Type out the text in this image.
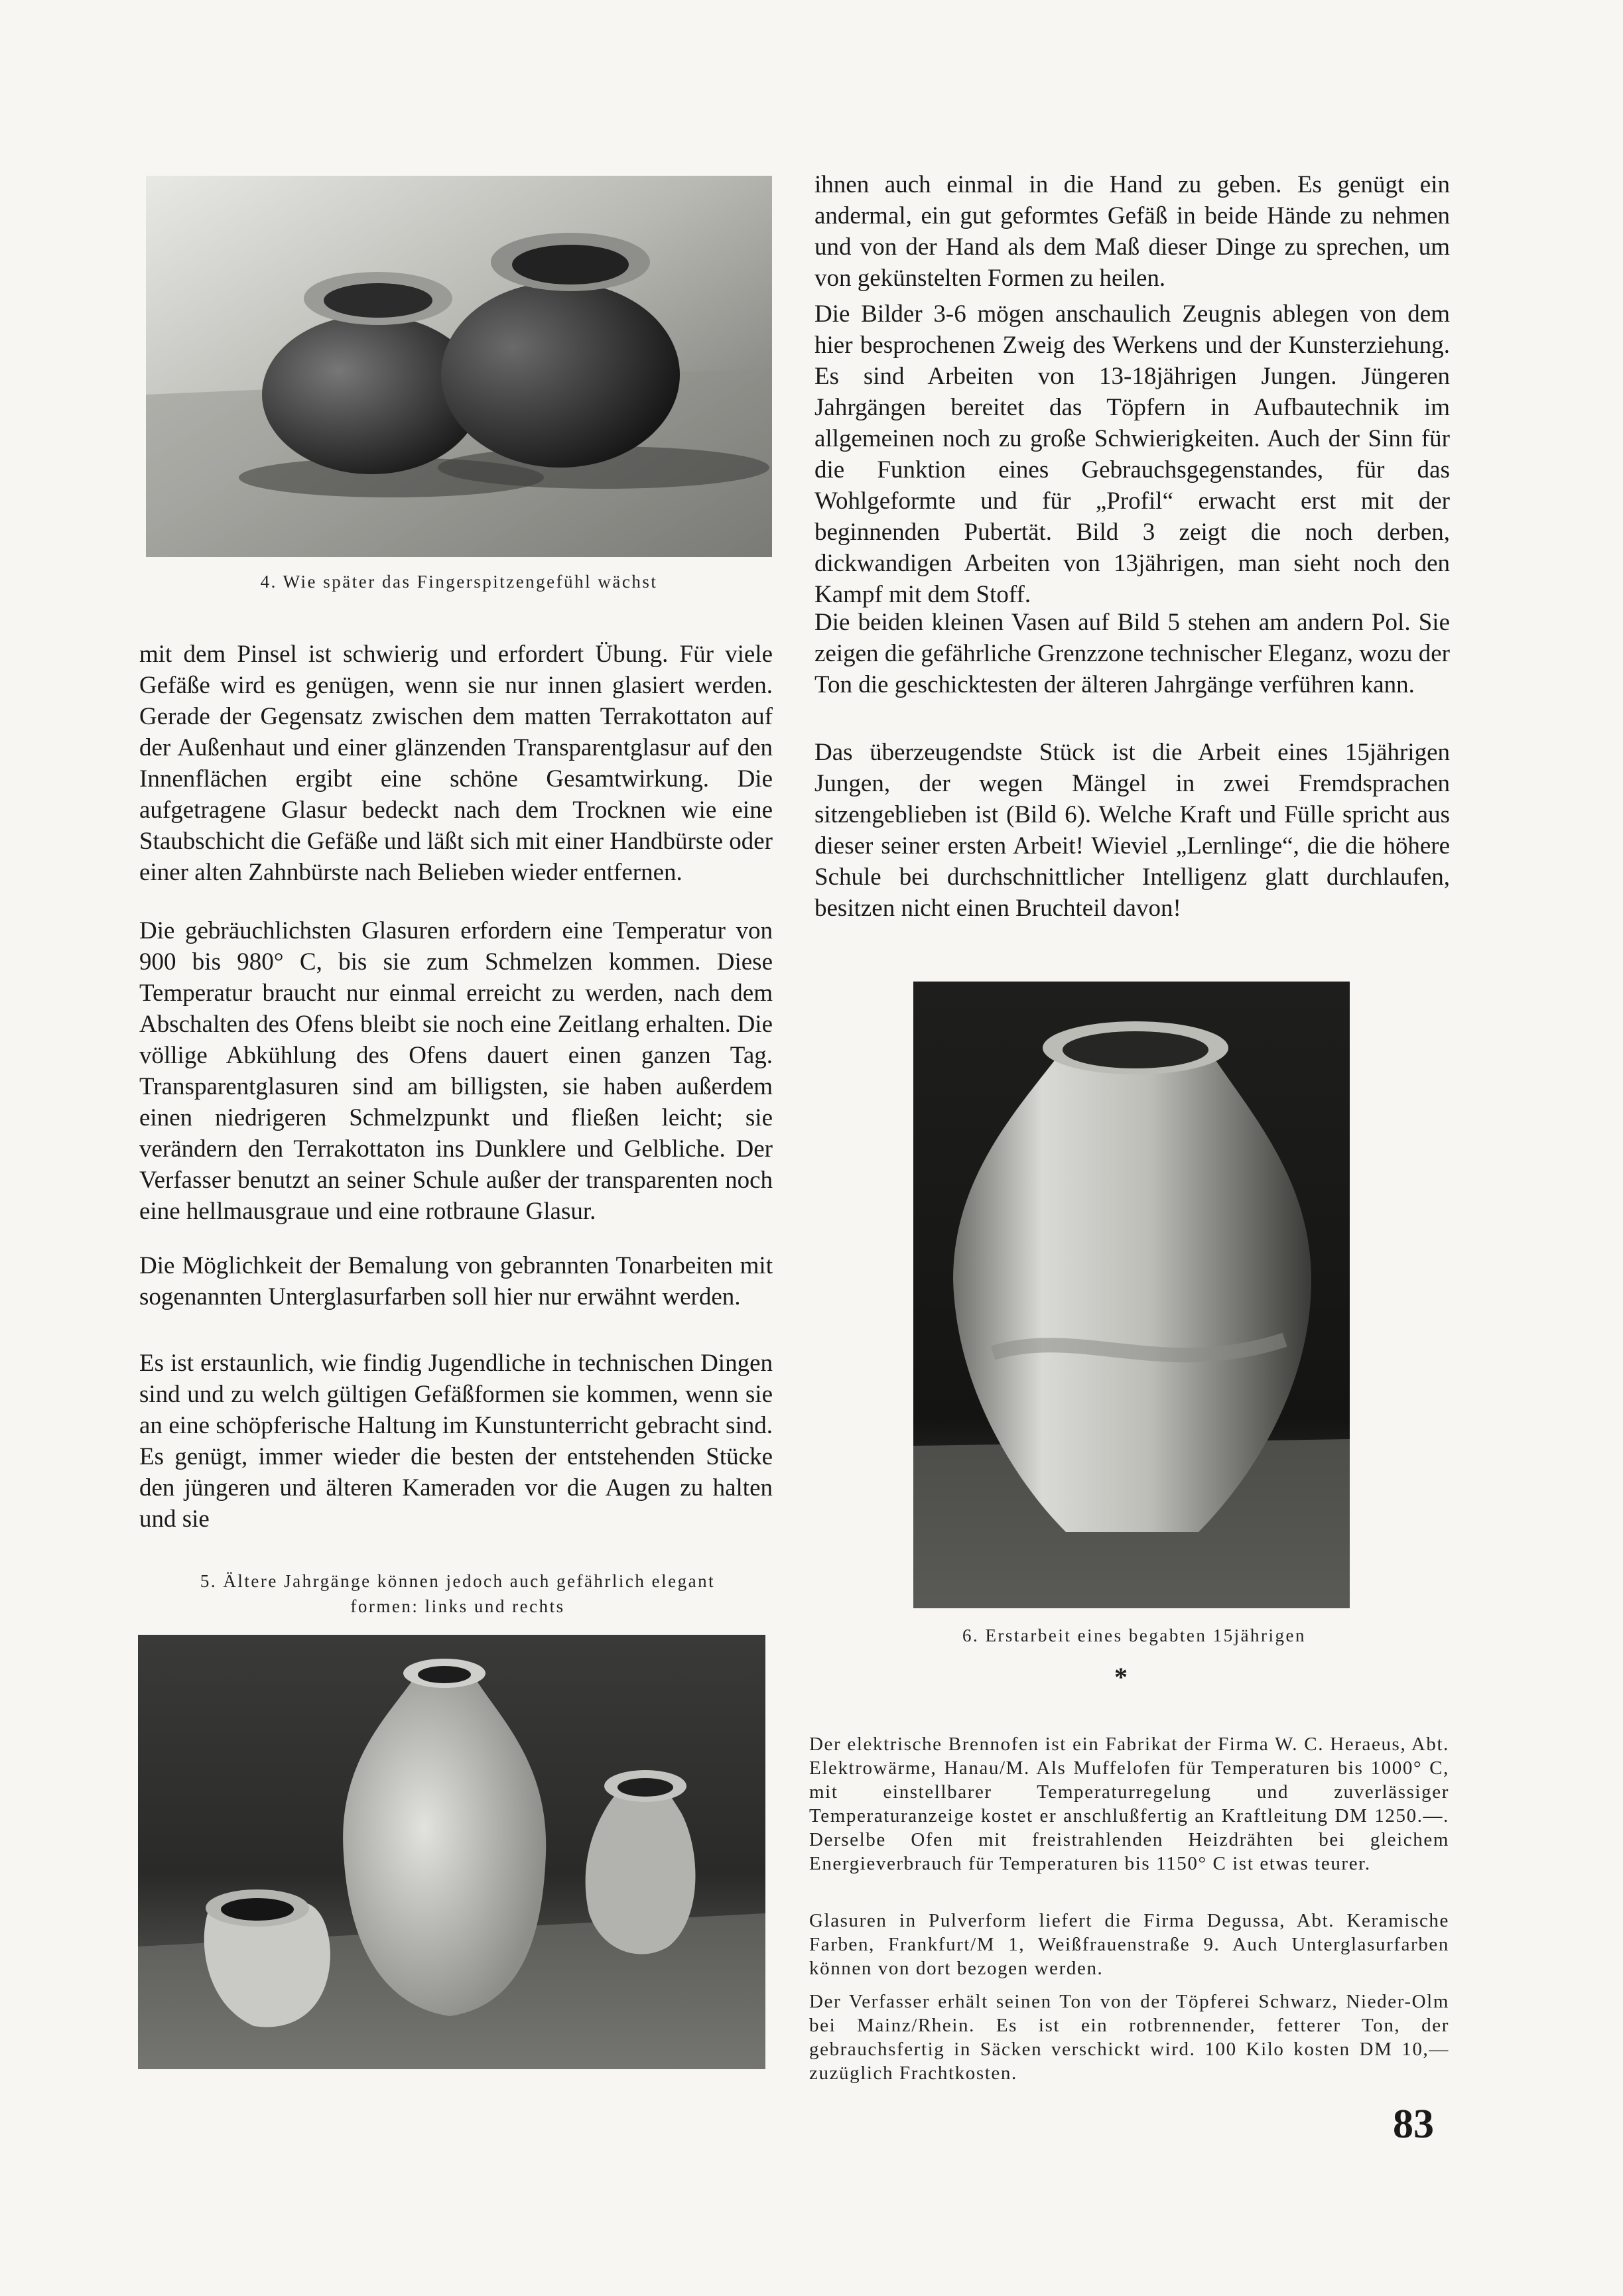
4. Wie später das Fingerspitzengefühl wächst

mit dem Pinsel ist schwierig und erfordert Übung. Für viele Gefäße wird es genügen, wenn sie nur innen glasiert werden. Gerade der Gegensatz zwischen dem matten Terrakottaton auf der Außenhaut und einer glänzenden Transparentglasur auf den Innenflächen ergibt eine schöne Gesamtwirkung. Die aufgetragene Glasur bedeckt nach dem Trocknen wie eine Staubschicht die Gefäße und läßt sich mit einer Handbürste oder einer alten Zahnbürste nach Belieben wieder entfernen.

Die gebräuchlichsten Glasuren erfordern eine Temperatur von 900 bis 980° C, bis sie zum Schmelzen kommen. Diese Temperatur braucht nur einmal erreicht zu werden, nach dem Abschalten des Ofens bleibt sie noch eine Zeitlang erhalten. Die völlige Abkühlung des Ofens dauert einen ganzen Tag. Transparentglasuren sind am billigsten, sie haben außerdem einen niedrigeren Schmelzpunkt und fließen leicht; sie verändern den Terrakottaton ins Dunklere und Gelbliche. Der Verfasser benutzt an seiner Schule außer der transparenten noch eine hellmausgraue und eine rotbraune Glasur.

Die Möglichkeit der Bemalung von gebrannten Tonarbeiten mit sogenannten Unterglasurfarben soll hier nur erwähnt werden.

Es ist erstaunlich, wie findig Jugendliche in technischen Dingen sind und zu welch gültigen Gefäßformen sie kommen, wenn sie an eine schöpferische Haltung im Kunstunterricht gebracht sind. Es genügt, immer wieder die besten der entstehenden Stücke den jüngeren und älteren Kameraden vor die Augen zu halten und sie

5. Ältere Jahrgänge können jedoch auch gefährlich elegant
formen: links und rechts

ihnen auch einmal in die Hand zu geben. Es genügt ein andermal, ein gut geformtes Gefäß in beide Hände zu nehmen und von der Hand als dem Maß dieser Dinge zu sprechen, um von gekünstelten Formen zu heilen.

Die Bilder 3-6 mögen anschaulich Zeugnis ablegen von dem hier besprochenen Zweig des Werkens und der Kunsterziehung. Es sind Arbeiten von 13-18jährigen Jungen. Jüngeren Jahrgängen bereitet das Töpfern in Aufbautechnik im allgemeinen noch zu große Schwierigkeiten. Auch der Sinn für die Funktion eines Gebrauchsgegenstandes, für das Wohlgeformte und für „Profil“ erwacht erst mit der beginnenden Pubertät. Bild 3 zeigt die noch derben, dickwandigen Arbeiten von 13jährigen, man sieht noch den Kampf mit dem Stoff.

Die beiden kleinen Vasen auf Bild 5 stehen am andern Pol. Sie zeigen die gefährliche Grenzzone technischer Eleganz, wozu der Ton die geschicktesten der älteren Jahrgänge verführen kann.

Das überzeugendste Stück ist die Arbeit eines 15jährigen Jungen, der wegen Mängel in zwei Fremdsprachen sitzengeblieben ist (Bild 6). Welche Kraft und Fülle spricht aus dieser seiner ersten Arbeit! Wieviel „Lernlinge“, die die höhere Schule bei durchschnittlicher Intelligenz glatt durchlaufen, besitzen nicht einen Bruchteil davon!

6. Erstarbeit eines begabten 15jährigen
*

Der elektrische Brennofen ist ein Fabrikat der Firma W. C. Heraeus, Abt. Elektrowärme, Hanau/M. Als Muffelofen für Temperaturen bis 1000° C, mit einstellbarer Temperaturregelung und zuverlässiger Temperaturanzeige kostet er anschlußfertig an Kraftleitung DM 1250.—. Derselbe Ofen mit freistrahlenden Heizdrähten bei gleichem Energieverbrauch für Temperaturen bis 1150° C ist etwas teurer.

Glasuren in Pulverform liefert die Firma Degussa, Abt. Keramische Farben, Frankfurt/M 1, Weißfrauenstraße 9. Auch Unterglasurfarben können von dort bezogen werden.

Der Verfasser erhält seinen Ton von der Töpferei Schwarz, Nieder-Olm bei Mainz/Rhein. Es ist ein rotbrennender, fetterer Ton, der gebrauchsfertig in Säcken verschickt wird. 100 Kilo kosten DM 10,— zuzüglich Frachtkosten.

83
